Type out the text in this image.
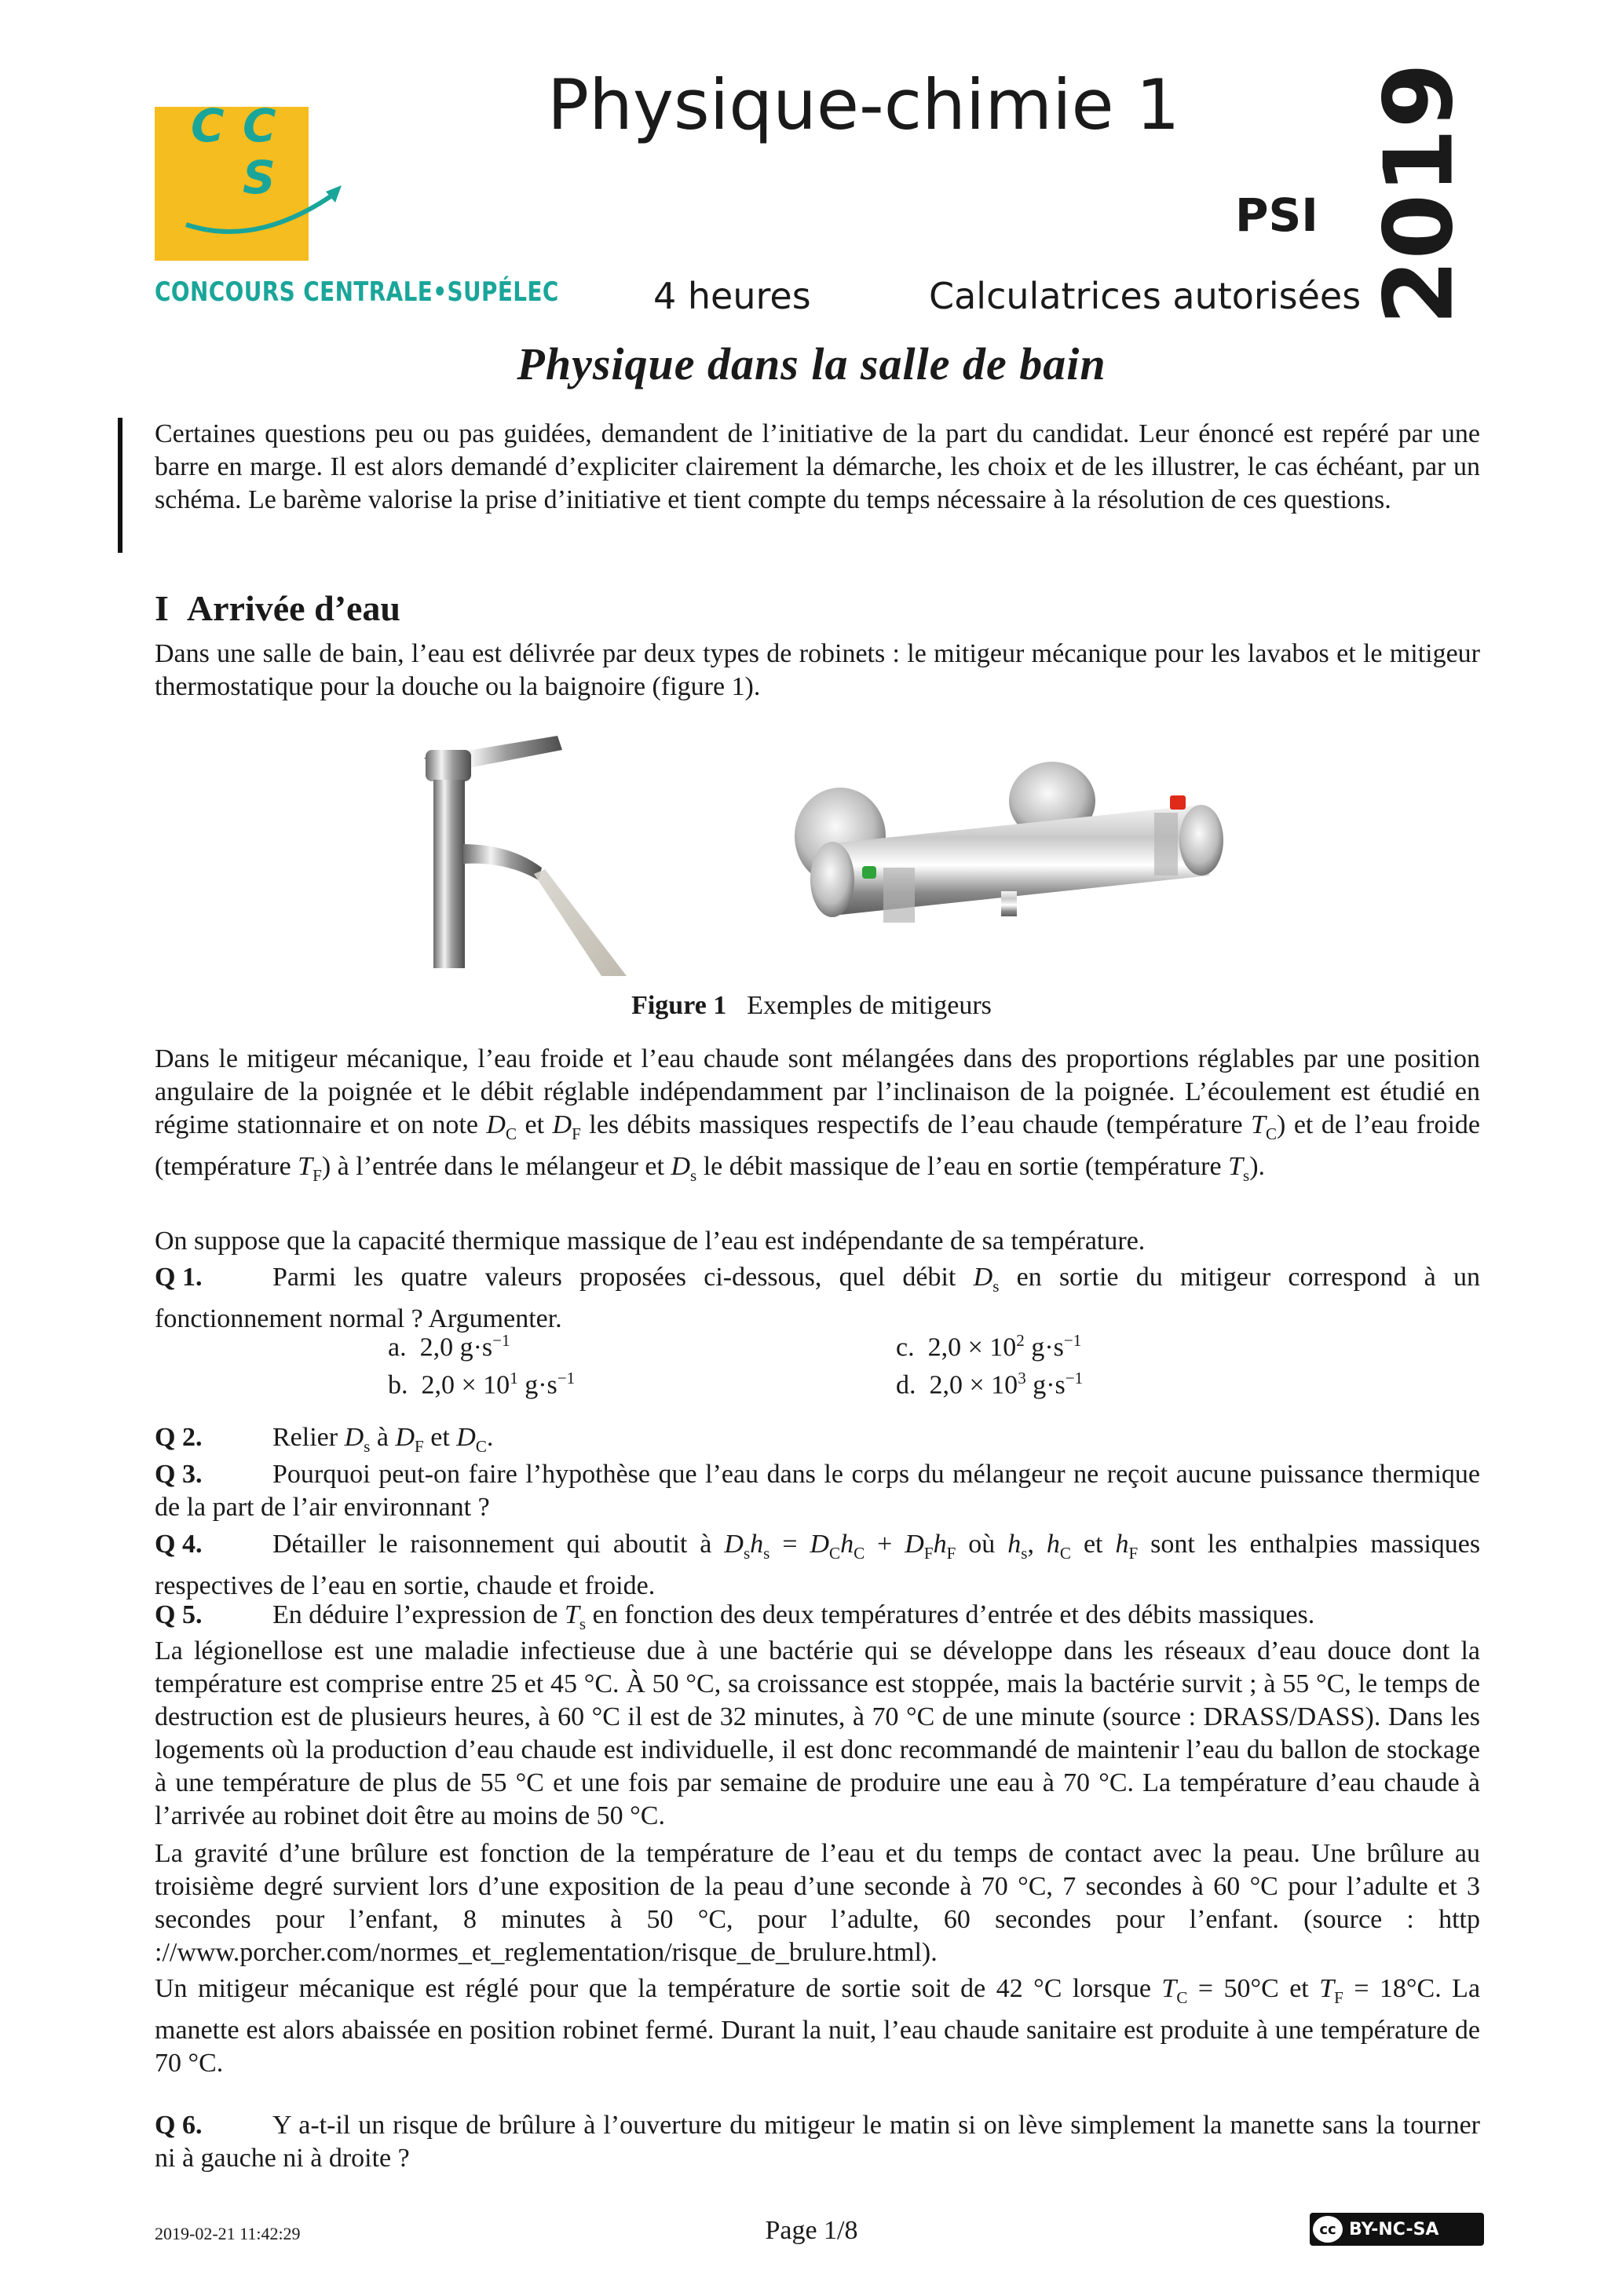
C C
S
CONCOURS CENTRALE•SUPÉLEC
Physique-chimie 1
PSI 2019
4 heures	Calculatrices autorisées
Physique dans la salle de bain
Certaines questions peu ou pas guidées, demandent de l’initiative de la part du candidat. Leur énoncé est repéré par une barre en marge. Il est alors demandé d’expliciter clairement la démarche, les choix et de les illustrer, le cas échéant, par un schéma. Le barème valorise la prise d’initiative et tient compte du temps nécessaire à la résolution de ces questions.
I Arrivée d’eau
Dans une salle de bain, l’eau est délivrée par deux types de robinets : le mitigeur mécanique pour les lavabos et le mitigeur thermostatique pour la douche ou la baignoire (figure 1).
Figure 1 Exemples de mitigeurs
Dans le mitigeur mécanique, l’eau froide et l’eau chaude sont mélangées dans des proportions réglables par une position angulaire de la poignée et le débit réglable indépendamment par l’inclinaison de la poignée. L’écoulement est étudié en régime stationnaire et on note $D_C$ et $D_F$ les débits massiques respectifs de l’eau chaude (température $T_C$) et de l’eau froide (température $T_F$) à l’entrée dans le mélangeur et $D_s$ le débit massique de l’eau en sortie (température $T_s$).
On suppose que la capacité thermique massique de l’eau est indépendante de sa température.
Q 1.	Parmi les quatre valeurs proposées ci-dessous, quel débit $D_s$ en sortie du mitigeur correspond à un fonctionnement normal ? Argumenter.
a. 2,0 $g\cdot s^{-1}$
b. $2,0 \times 10^1$ $g\cdot s^{-1}$
c. $2,0 \times 10^2$ $g\cdot s^{-1}$
d. $2,0 \times 10^3$ $g\cdot s^{-1}$
Q 2.	Relier $D_s$ à $D_F$ et $D_C$.
Q 3.	Pourquoi peut-on faire l’hypothèse que l’eau dans le corps du mélangeur ne reçoit aucune puissance thermique de la part de l’air environnant ?
Q 4.	Détailler le raisonnement qui aboutit à $D_sh_s = D_Ch_C + D_Fh_F$ où $h_s$, $h_C$ et $h_F$ sont les enthalpies massiques respectives de l’eau en sortie, chaude et froide.
Q 5.	En déduire l’expression de $T_s$ en fonction des deux températures d’entrée et des débits massiques.
La légionellose est une maladie infectieuse due à une bactérie qui se développe dans les réseaux d’eau douce dont la température est comprise entre 25 et 45 °C. À 50 °C, sa croissance est stoppée, mais la bactérie survit ; à 55 °C, le temps de destruction est de plusieurs heures, à 60 °C il est de 32 minutes, à 70 °C de une minute (source : DRASS/DASS). Dans les logements où la production d’eau chaude est individuelle, il est donc recommandé de maintenir l’eau du ballon de stockage à une température de plus de 55 °C et une fois par semaine de produire une eau à 70 °C. La température d’eau chaude à l’arrivée au robinet doit être au moins de 50 °C.
La gravité d’une brûlure est fonction de la température de l’eau et du temps de contact avec la peau. Une brûlure au troisième degré survient lors d’une exposition de la peau d’une seconde à 70 °C, 7 secondes à 60 °C pour l’adulte et 3 secondes pour l’enfant, 8 minutes à 50 °C, pour l’adulte, 60 secondes pour l’enfant. (source : http ://www.porcher.com/normes_et_reglementation/risque_de_brulure.html).
Un mitigeur mécanique est réglé pour que la température de sortie soit de 42 °C lorsque $T_C = 50^\circ C$ et $T_F = 18^\circ C$. La manette est alors abaissée en position robinet fermé. Durant la nuit, l’eau chaude sanitaire est produite à une température de 70 °C.
Q 6.	Y a-t-il un risque de brûlure à l’ouverture du mitigeur le matin si on lève simplement la manette sans la tourner ni à gauche ni à droite ?
2019-02-21 11:42:29	Page 1/8	cc BY-NC-SA
